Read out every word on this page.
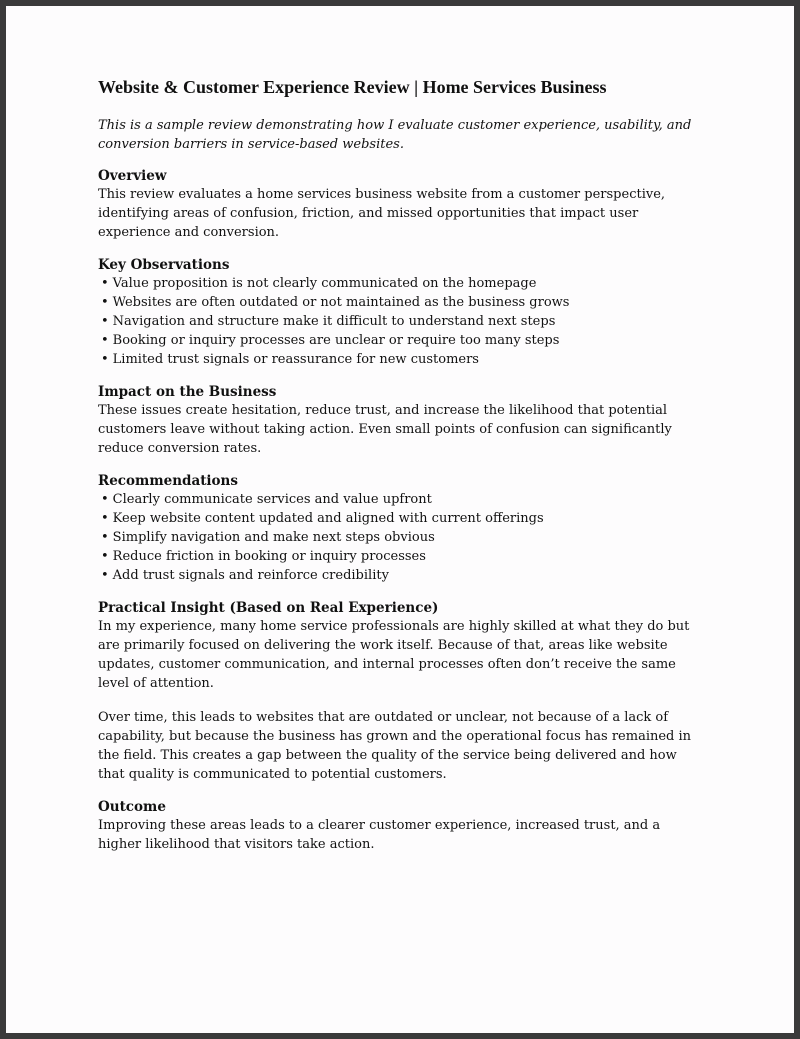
Website & Customer Experience Review | Home Services Business

This is a sample review demonstrating how I evaluate customer experience, usability, and conversion barriers in service-based websites.

Overview

This review evaluates a home services business website from a customer perspective, identifying areas of confusion, friction, and missed opportunities that impact user experience and conversion.

Key Observations
• Value proposition is not clearly communicated on the homepage
• Websites are often outdated or not maintained as the business grows
• Navigation and structure make it difficult to understand next steps
• Booking or inquiry processes are unclear or require too many steps
• Limited trust signals or reassurance for new customers
Impact on the Business

These issues create hesitation, reduce trust, and increase the likelihood that potential customers leave without taking action. Even small points of confusion can significantly reduce conversion rates.

Recommendations
• Clearly communicate services and value upfront
• Keep website content updated and aligned with current offerings
• Simplify navigation and make next steps obvious
• Reduce friction in booking or inquiry processes
• Add trust signals and reinforce credibility
Practical Insight (Based on Real Experience)

In my experience, many home service professionals are highly skilled at what they do but are primarily focused on delivering the work itself. Because of that, areas like website updates, customer communication, and internal processes often don’t receive the same level of attention.

Over time, this leads to websites that are outdated or unclear, not because of a lack of capability, but because the business has grown and the operational focus has remained in the field. This creates a gap between the quality of the service being delivered and how that quality is communicated to potential customers.

Outcome

Improving these areas leads to a clearer customer experience, increased trust, and a higher likelihood that visitors take action.
